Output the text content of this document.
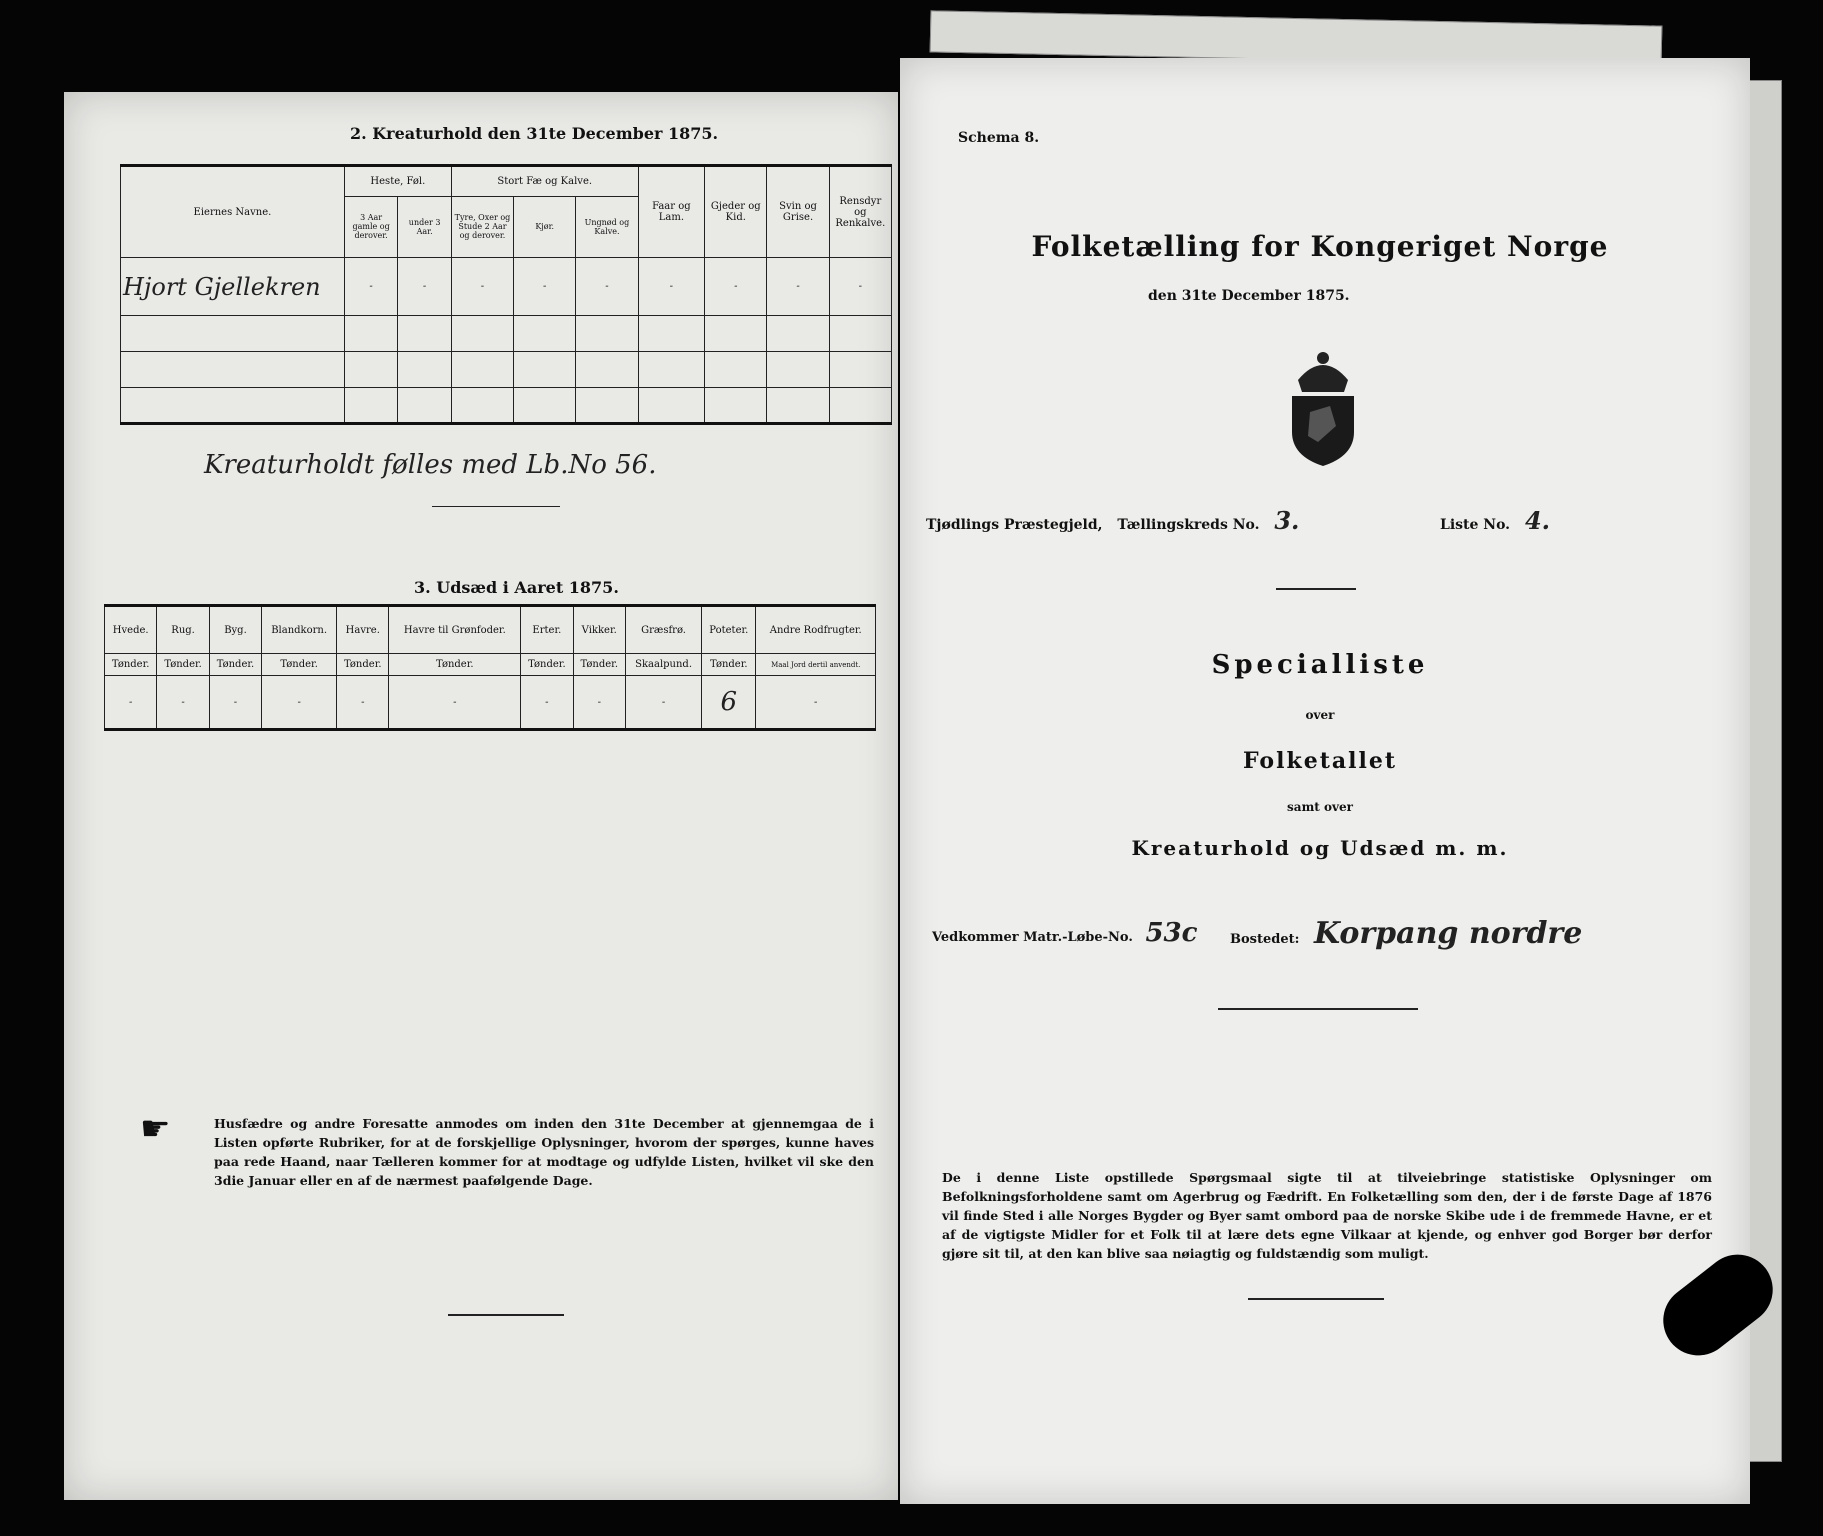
2. Kreaturhold den 31te December 1875.
Eiernes Navne.	Heste, Føl.		Stort Fæ og Kalve.			Faar og Lam.	Gjeder og Kid.	Svin og Grise.	Rensdyr og Renkalve.
	3 Aar gamle og derover.	under 3 Aar.	Tyre, Oxer og Stude 2 Aar og derover.	Kjør.	Ungnød og Kalve.				
Hjort Gjellekren	-	-	-	-	-	-	-	-	-

Kreaturholdt følles med Lb.No 56.
3. Udsæd i Aaret 1875.
Hvede.	Rug.	Byg.	Blandkorn.	Havre.	Havre til Grønfoder.	Erter.	Vikker.	Græsfrø.	Poteter.	Andre Rodfrugter.
Tønder.	Tønder.	Tønder.	Tønder.	Tønder.	Tønder.	Tønder.	Tønder.	Skaalpund.	Tønder.	Maal Jord dertil anvendt.
-	-	-	-	-	-	-	-	-	6	-
☛	Husfædre og andre Foresatte anmodes om inden den 31te December at gjennemgaa de i Listen opførte Rubriker, for at de forskjellige Oplysninger, hvorom der spørges, kunne haves paa rede Haand, naar Tælleren kommer for at modtage og udfylde Listen, hvilket vil ske den 3die Januar eller en af de nærmest paafølgende Dage.
Schema 8.
Folketælling for Kongeriget Norge
den 31te December 1875.
Tjødlings Præstegjeld, Tællingskreds No. 3.	Liste No. 4.
Specialliste
over
Folketallet
samt over
Kreaturhold og Udsæd m. m.
Vedkommer Matr.-Løbe-No. 53c	Bostedet: Korpang nordre
De i denne Liste opstillede Spørgsmaal sigte til at tilveiebringe statistiske Oplysninger om Befolkningsforholdene samt om Agerbrug og Fædrift. En Folketælling som den, der i de første Dage af 1876 vil finde Sted i alle Norges Bygder og Byer samt ombord paa de norske Skibe ude i de fremmede Havne, er et af de vigtigste Midler for et Folk til at lære dets egne Vilkaar at kjende, og enhver god Borger bør derfor gjøre sit til, at den kan blive saa nøiagtig og fuldstændig som muligt.
